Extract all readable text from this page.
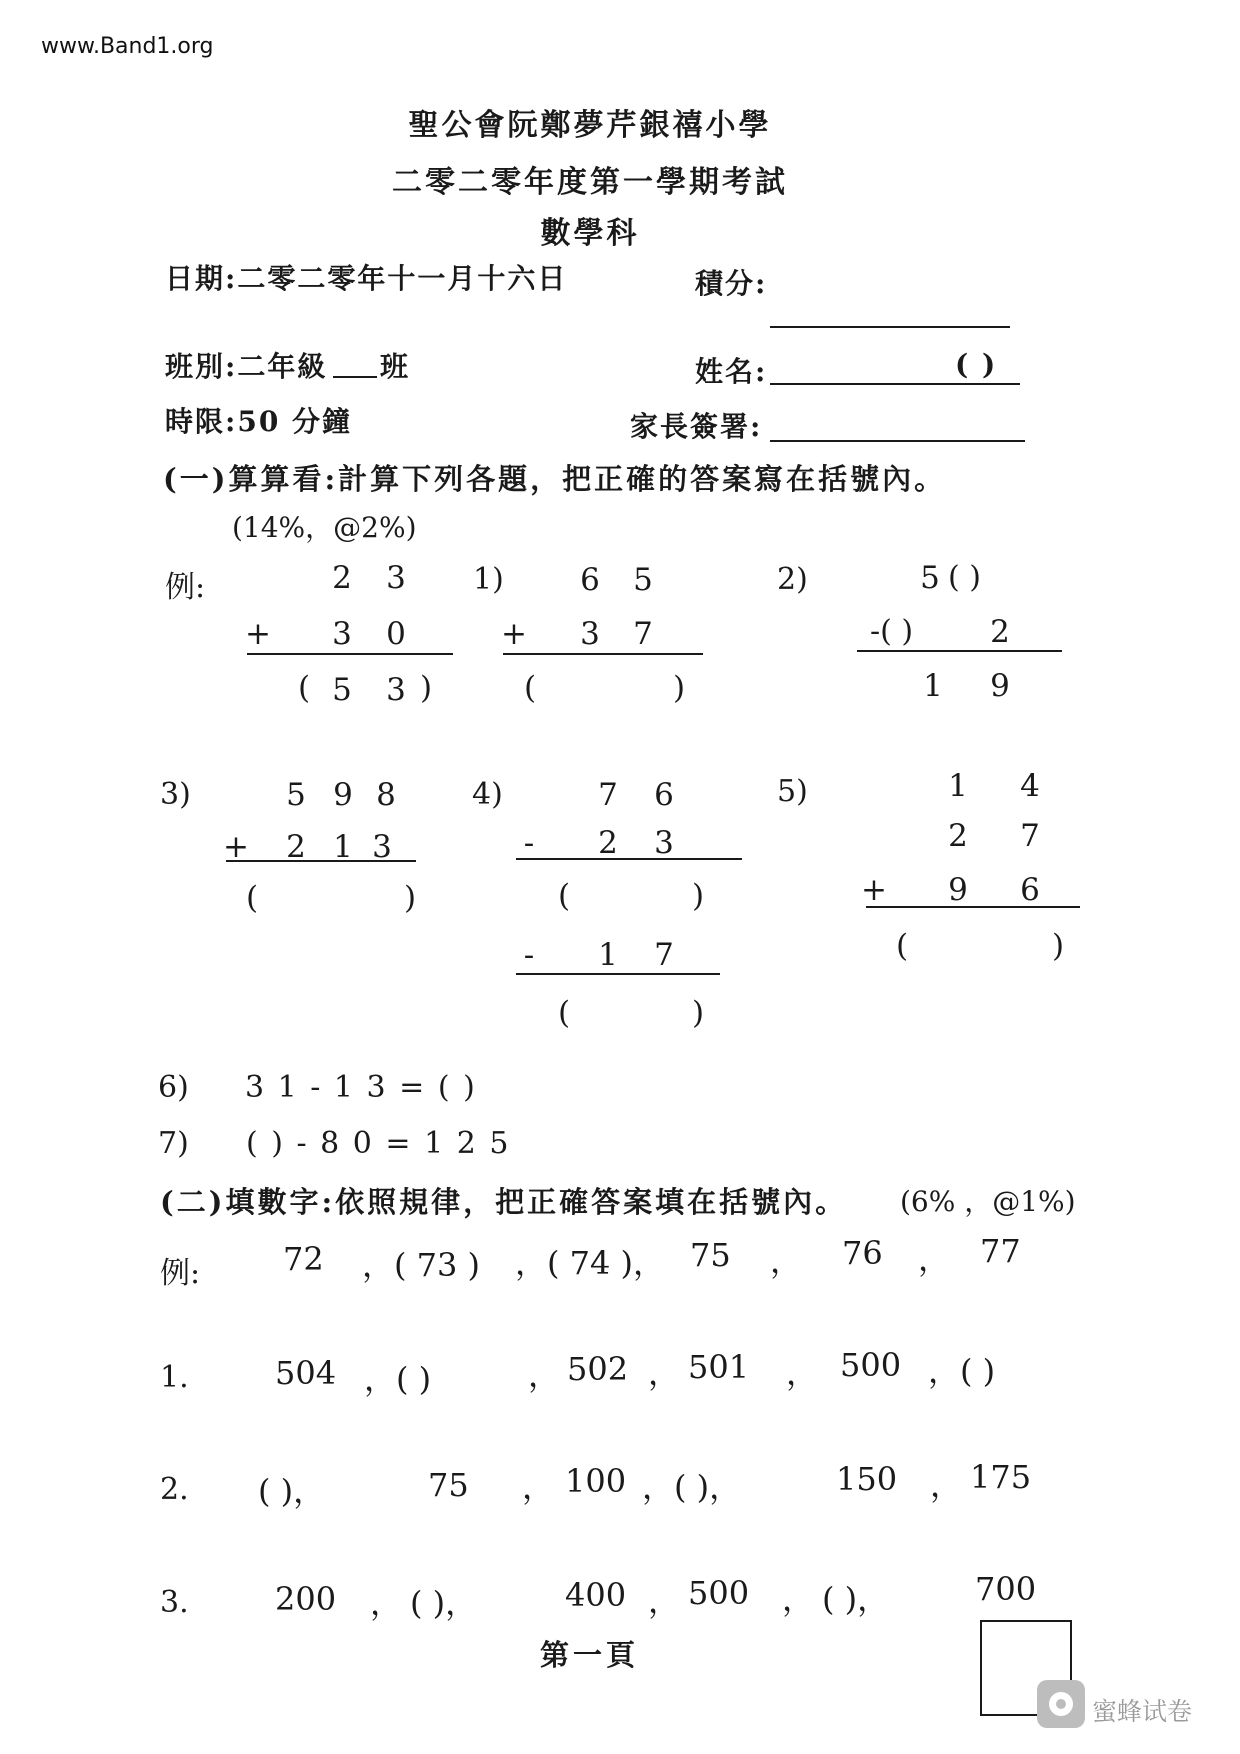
www.Band1.org
聖公會阮鄭夢芹銀禧小學
二零二零年度第一學期考試
數學科
日期:二零二零年十一月十六日	積分:
班別:二年級 班	姓名:	( )
時限:50 分鐘	家長簽署:
(一)算算看:計算下列各題，把正確的答案寫在括號內。
(14%，@2%)
例:	2 3
+ 3 0
( 5 3 )
1) 6 5
+ 3 7
(	)
2)	5 ( )
-( ) 2
1 9
3)	5 9 8
+ 2 1 3
(	)
4)	7 6
-	2 3
(	)
-	1 7
(	)
5)	1 4
2 7
+ 9 6
(	)
6) 3 1 - 1 3 = ( )
7) ( ) - 8 0 = 1 2 5
(二)填數字:依照規律，把正確答案填在括號內。 (6% ，@1%)
例:	72 ，( 73 ) ，( 74 )， 75 ， 76 ， 77
1.	504 ，( )	， 502 ， 501 ， 500 ，( )
2. ( )，	75 ， 100 ，( )，	150 ， 175
3.	200 ， ( )，	400 ， 500 ， ( )，	700
第一頁
蜜蜂试卷
